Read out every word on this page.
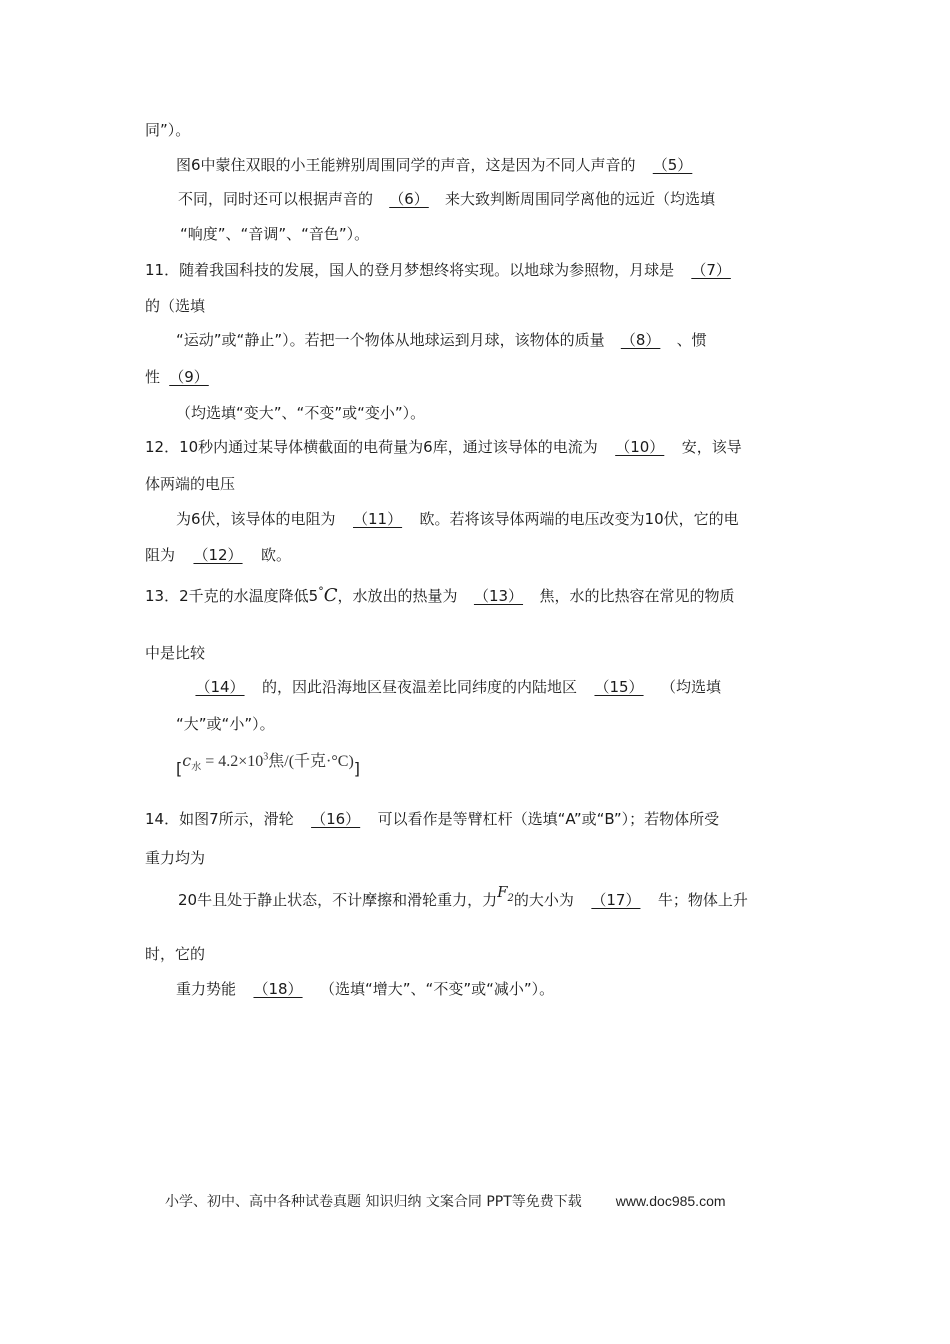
同”）。
图6中蒙住双眼的小王能辨别周围同学的声音，这是因为不同人声音的 （5）
不同，同时还可以根据声音的 （6） 来大致判断周围同学离他的远近（均选填
“响度”、“音调”、“音色”）。
11．随着我国科技的发展，国人的登月梦想终将实现。以地球为参照物，月球是 （7）
的（选填
“运动”或“静止”）。若把一个物体从地球运到月球，该物体的质量 （8） 、惯
性 （9）
（均选填“变大”、“不变”或“变小”）。
12．10秒内通过某导体横截面的电荷量为6库，通过该导体的电流为 （10） 安，该导
体两端的电压
为6伏，该导体的电阻为 （11） 欧。若将该导体两端的电压改变为10伏，它的电
阻为 （12） 欧。
13．2千克的水温度降低5°C，水放出的热量为 （13） 焦，水的比热容在常见的物质
中是比较
（14） 的，因此沿海地区昼夜温差比同纬度的内陆地区 （15） （均选填
“大”或“小”）。
[$c_水 = 4.2\times 10^3$焦/(千克·°C)]
14．如图7所示，滑轮 （16） 可以看作是等臂杠杆（选填“A”或“B”）；若物体所受
重力均为
20牛且处于静止状态，不计摩擦和滑轮重力，力$F_2$的大小为 （17） 牛；物体上升
时，它的
重力势能 （18） （选填“增大”、“不变”或“减小”）。
小学、初中、高中各种试卷真题 知识归纳 文案合同 PPT等免费下载 www.doc985.com
